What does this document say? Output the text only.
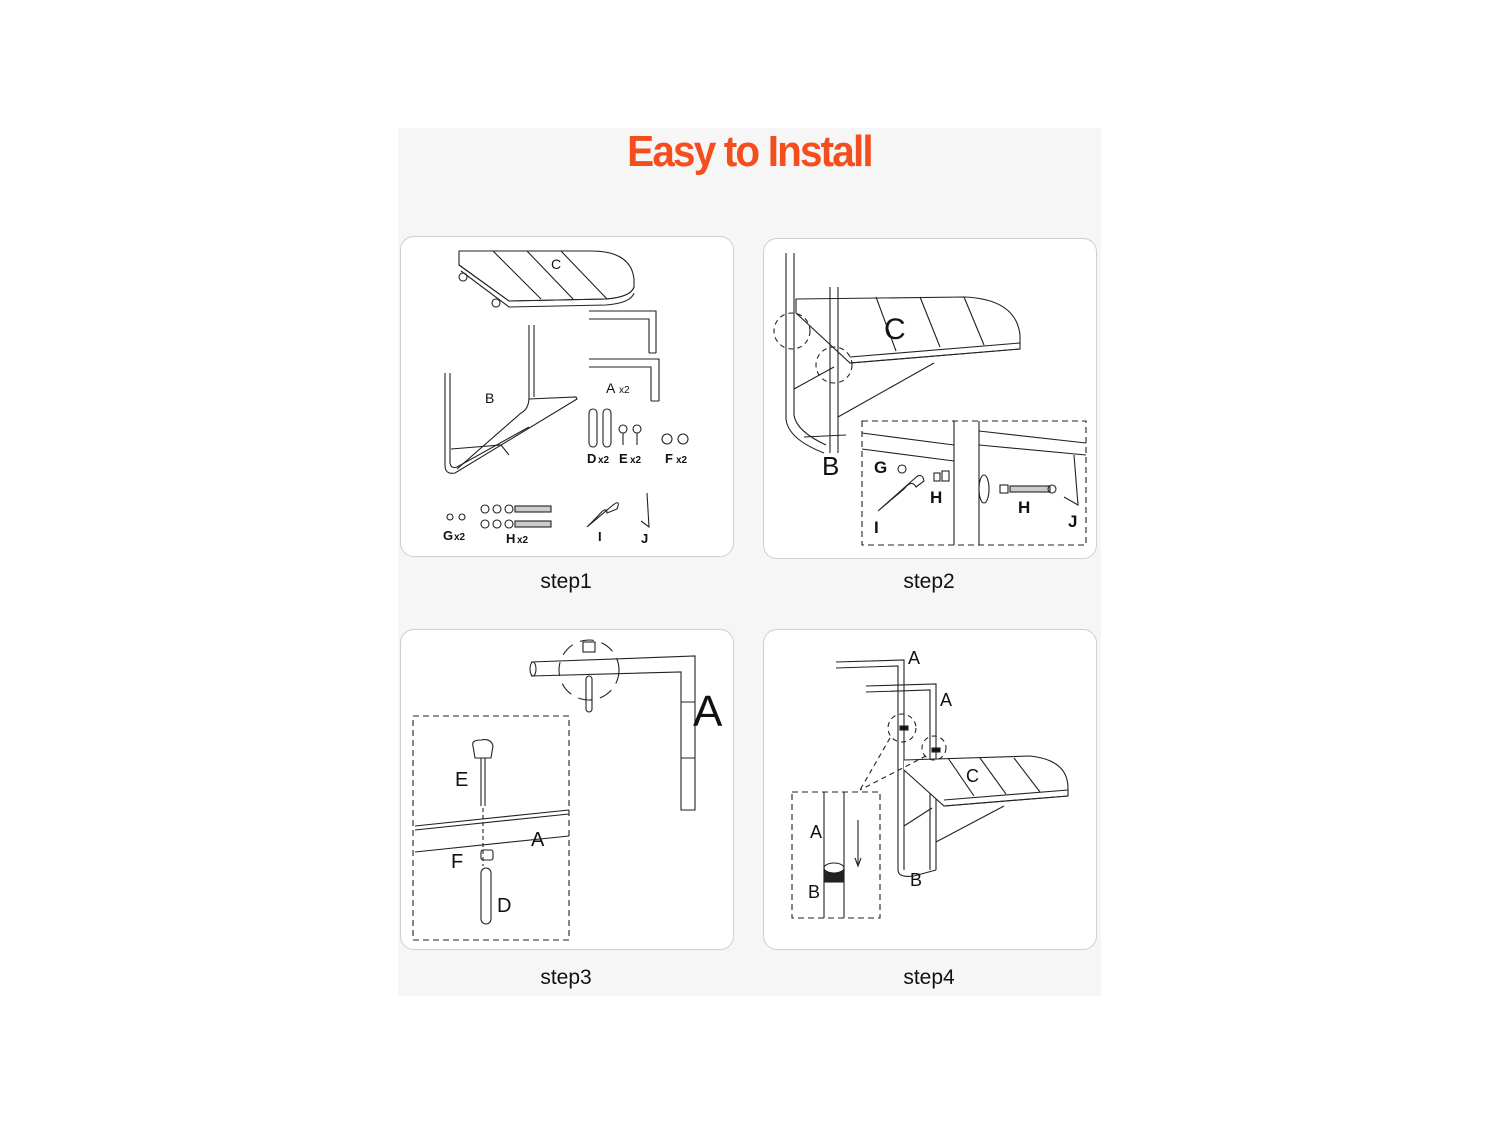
Easy to Install
C
A x2
B
D x2 E x2 F x2
G x2	H x2	I	J
step1
C
B G
H
H
I	J
step2
A
E
A
F
D
step3
A
A
C
B
A
B
step4
